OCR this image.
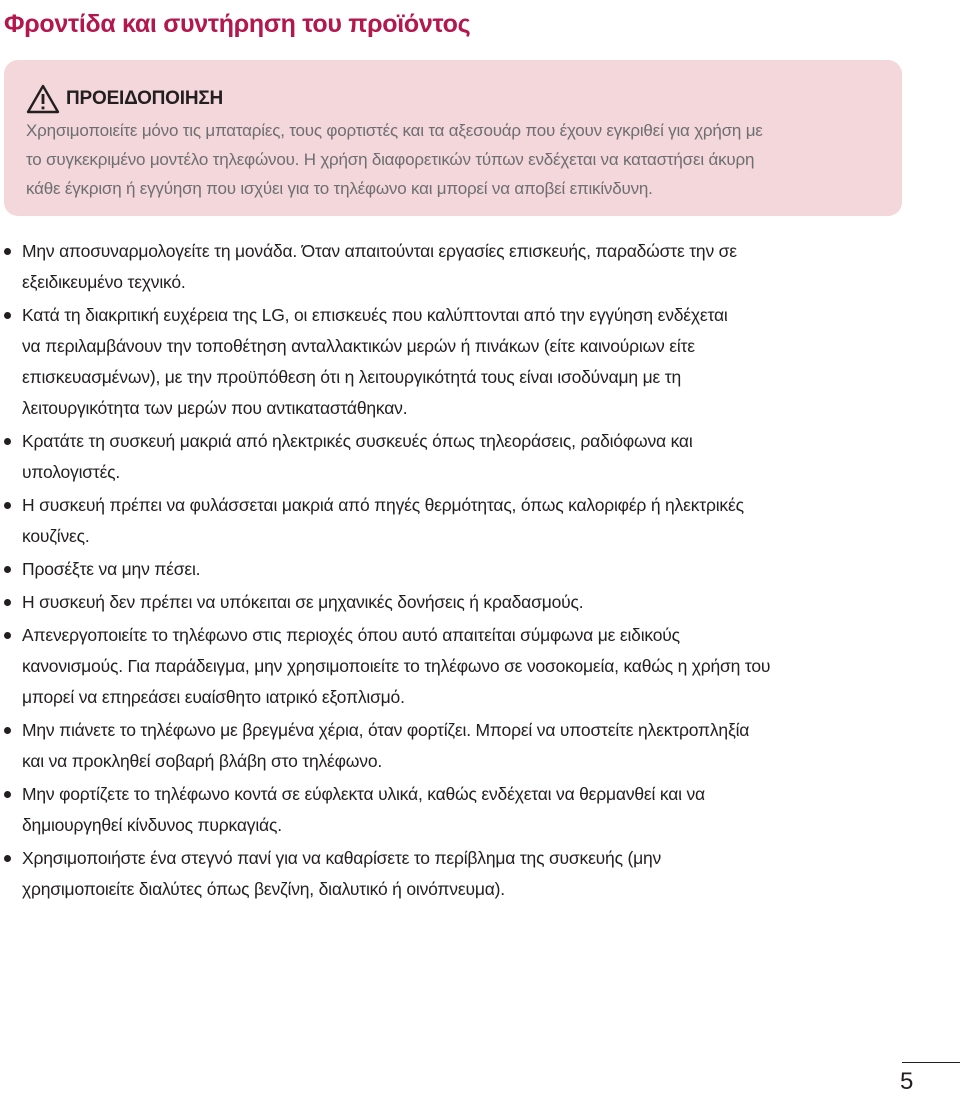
Φροντίδα και συντήρηση του προϊόντος
ΠΡΟΕΙΔΟΠΟΙΗΣΗ

Χρησιμοποιείτε μόνο τις μπαταρίες, τους φορτιστές και τα αξεσουάρ που έχουν εγκριθεί για χρήση με
το συγκεκριμένο μοντέλο τηλεφώνου. Η χρήση διαφορετικών τύπων ενδέχεται να καταστήσει άκυρη
κάθε έγκριση ή εγγύηση που ισχύει για το τηλέφωνο και μπορεί να αποβεί επικίνδυνη.

Μην αποσυναρμολογείτε τη μονάδα. Όταν απαιτούνται εργασίες επισκευής, παραδώστε την σε
εξειδικευμένο τεχνικό.
Κατά τη διακριτική ευχέρεια της LG, οι επισκευές που καλύπτονται από την εγγύηση ενδέχεται
να περιλαμβάνουν την τοποθέτηση ανταλλακτικών μερών ή πινάκων (είτε καινούριων είτε
επισκευασμένων), με την προϋπόθεση ότι η λειτουργικότητά τους είναι ισοδύναμη με τη
λειτουργικότητα των μερών που αντικαταστάθηκαν.
Κρατάτε τη συσκευή μακριά από ηλεκτρικές συσκευές όπως τηλεοράσεις, ραδιόφωνα και
υπολογιστές.
Η συσκευή πρέπει να φυλάσσεται μακριά από πηγές θερμότητας, όπως καλοριφέρ ή ηλεκτρικές
κουζίνες.
Προσέξτε να μην πέσει.
Η συσκευή δεν πρέπει να υπόκειται σε μηχανικές δονήσεις ή κραδασμούς.
Απενεργοποιείτε το τηλέφωνο στις περιοχές όπου αυτό απαιτείται σύμφωνα με ειδικούς
κανονισμούς. Για παράδειγμα, μην χρησιμοποιείτε το τηλέφωνο σε νοσοκομεία, καθώς η χρήση του
μπορεί να επηρεάσει ευαίσθητο ιατρικό εξοπλισμό.
Μην πιάνετε το τηλέφωνο με βρεγμένα χέρια, όταν φορτίζει. Μπορεί να υποστείτε ηλεκτροπληξία
και να προκληθεί σοβαρή βλάβη στο τηλέφωνο.
Μην φορτίζετε το τηλέφωνο κοντά σε εύφλεκτα υλικά, καθώς ενδέχεται να θερμανθεί και να
δημιουργηθεί κίνδυνος πυρκαγιάς.
Χρησιμοποιήστε ένα στεγνό πανί για να καθαρίσετε το περίβλημα της συσκευής (μην
χρησιμοποιείτε διαλύτες όπως βενζίνη, διαλυτικό ή οινόπνευμα).
5
